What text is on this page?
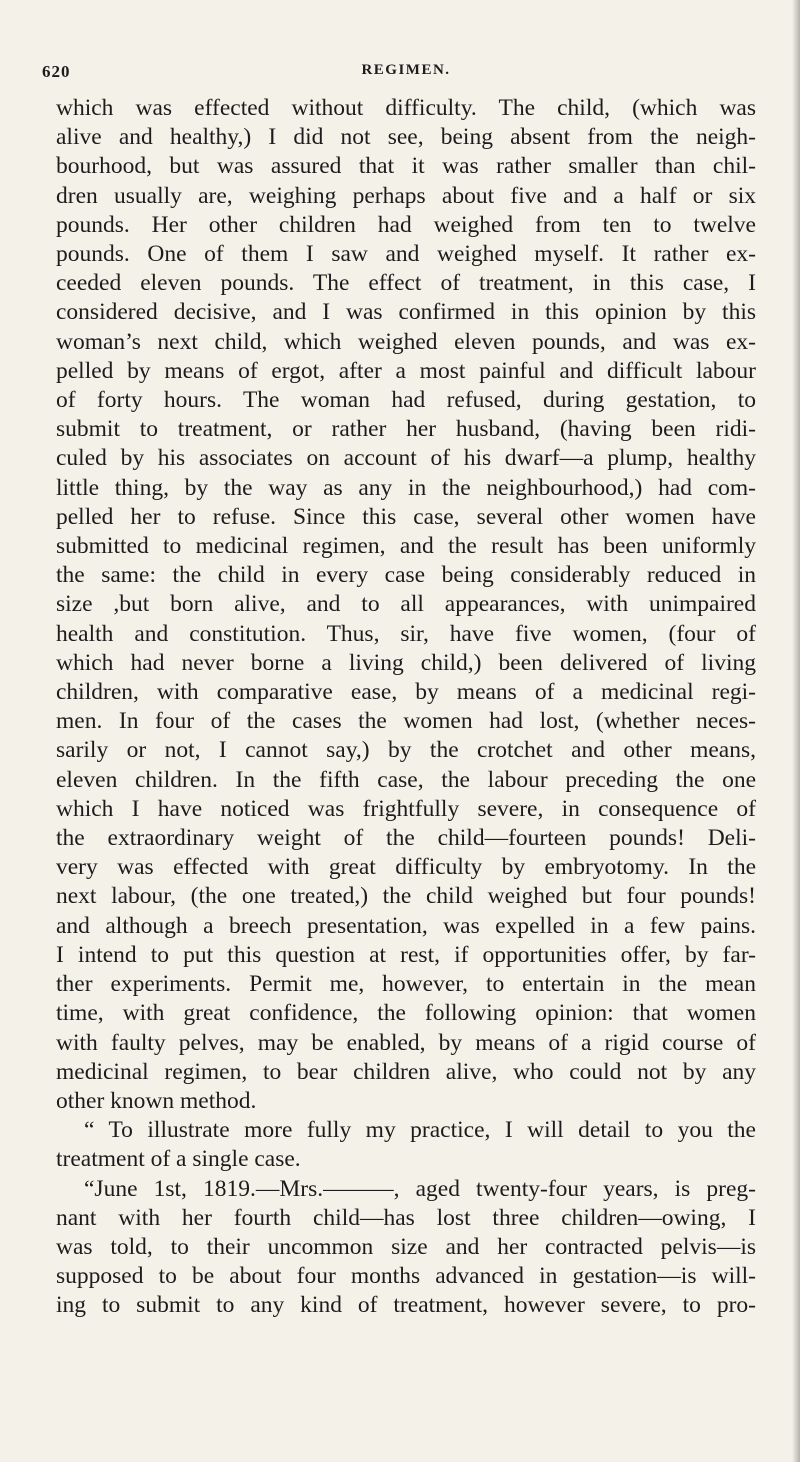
620	REGIMEN.
which was effected without difficulty. The child, (which was
alive and healthy,) I did not see, being absent from the neigh-
bourhood, but was assured that it was rather smaller than chil-
dren usually are, weighing perhaps about five and a half or six
pounds. Her other children had weighed from ten to twelve
pounds. One of them I saw and weighed myself. It rather ex-
ceeded eleven pounds. The effect of treatment, in this case, I
considered decisive, and I was confirmed in this opinion by this
woman’s next child, which weighed eleven pounds, and was ex-
pelled by means of ergot, after a most painful and difficult labour
of forty hours. The woman had refused, during gestation, to
submit to treatment, or rather her husband, (having been ridi-
culed by his associates on account of his dwarf—a plump, healthy
little thing, by the way as any in the neighbourhood,) had com-
pelled her to refuse. Since this case, several other women have
submitted to medicinal regimen, and the result has been uniformly
the same: the child in every case being considerably reduced in
size ,but born alive, and to all appearances, with unimpaired
health and constitution. Thus, sir, have five women, (four of
which had never borne a living child,) been delivered of living
children, with comparative ease, by means of a medicinal regi-
men. In four of the cases the women had lost, (whether neces-
sarily or not, I cannot say,) by the crotchet and other means,
eleven children. In the fifth case, the labour preceding the one
which I have noticed was frightfully severe, in consequence of
the extraordinary weight of the child—fourteen pounds! Deli-
very was effected with great difficulty by embryotomy. In the
next labour, (the one treated,) the child weighed but four pounds!
and although a breech presentation, was expelled in a few pains.
I intend to put this question at rest, if opportunities offer, by far-
ther experiments. Permit me, however, to entertain in the mean
time, with great confidence, the following opinion: that women
with faulty pelves, may be enabled, by means of a rigid course of
medicinal regimen, to bear children alive, who could not by any
other known method.
“ To illustrate more fully my practice, I will detail to you the
treatment of a single case.
“June 1st, 1819.—Mrs.———, aged twenty-four years, is preg-
nant with her fourth child—has lost three children—owing, I
was told, to their uncommon size and her contracted pelvis—is
supposed to be about four months advanced in gestation—is will-
ing to submit to any kind of treatment, however severe, to pro-
